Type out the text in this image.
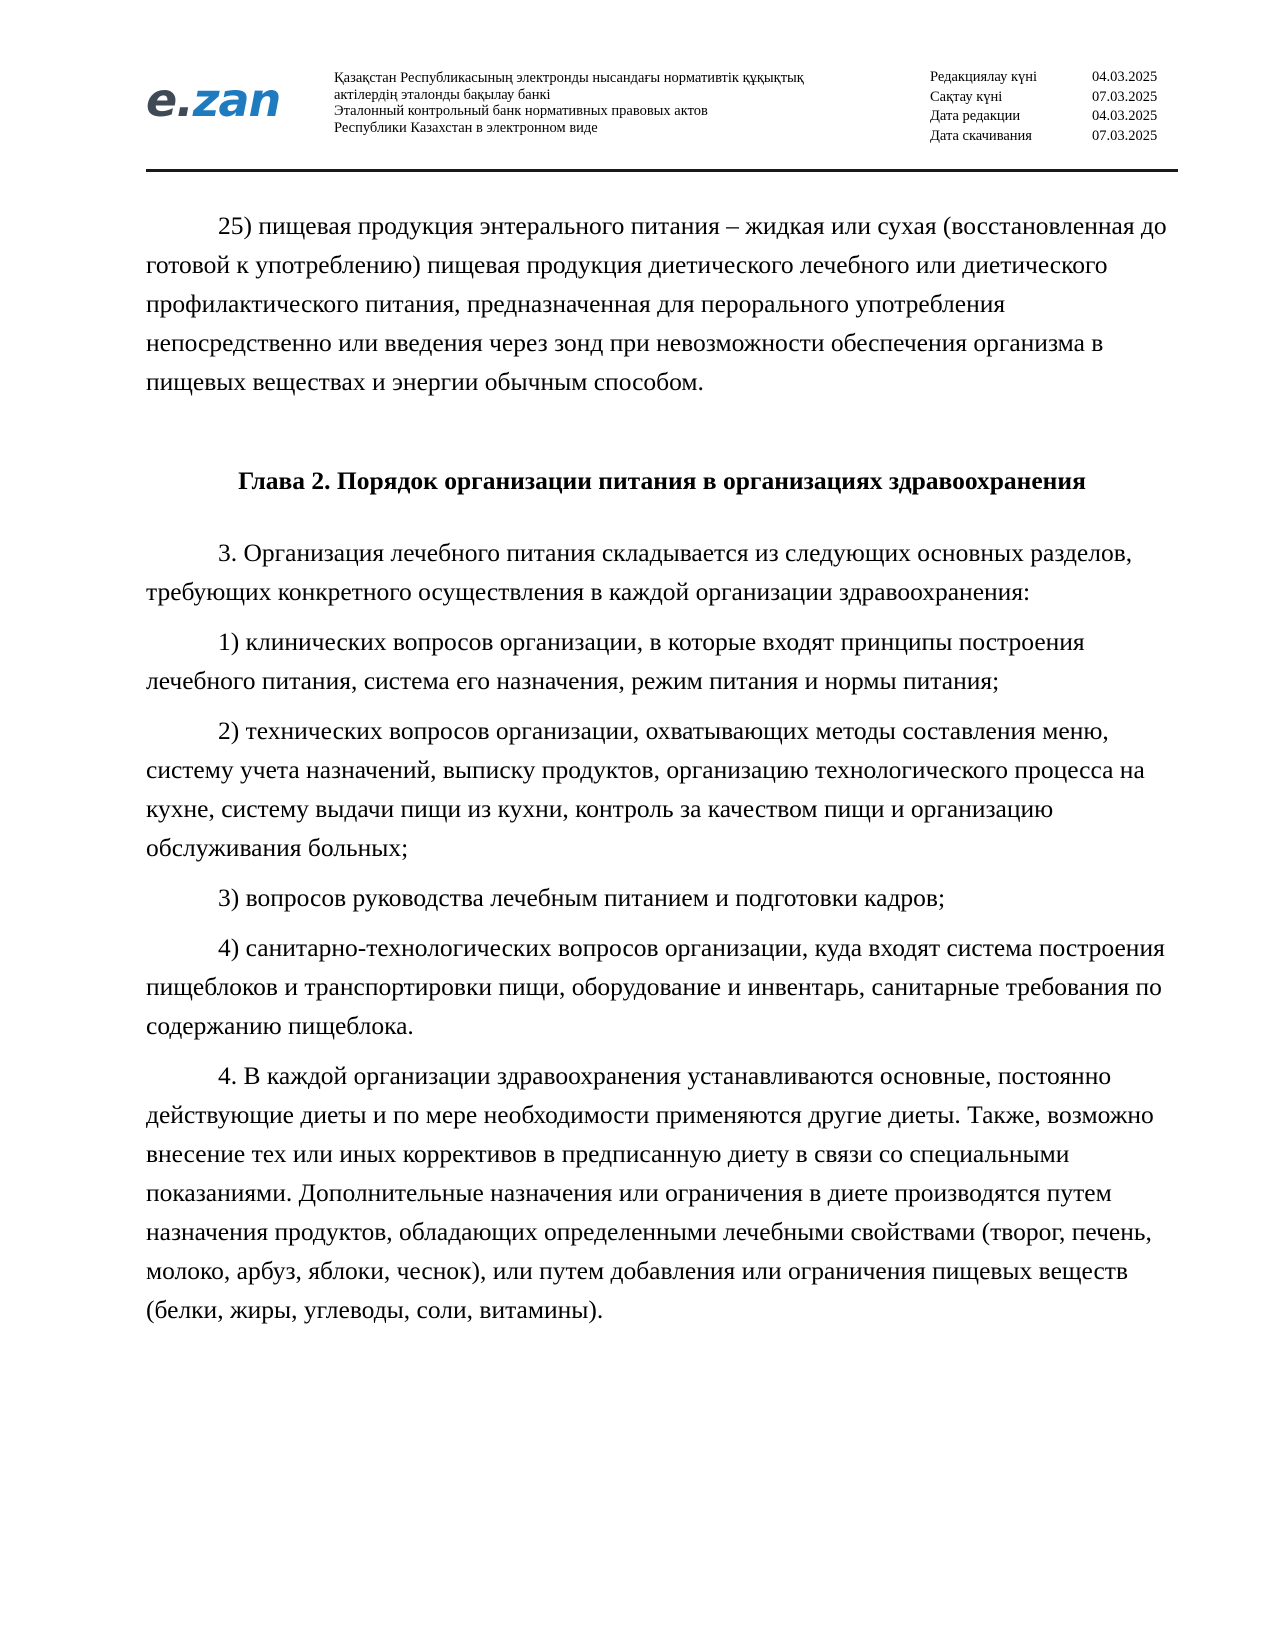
e.zan	Қазақстан Республикасының электронды нысандағы нормативтік құқықтық
актілердің эталонды бақылау банкі
Эталонный контрольный банк нормативных правовых актов
Республики Казахстан в электронном виде
Редакциялау күні	04.03.2025
Сақтау күні	07.03.2025
Дата редакции	04.03.2025
Дата скачивания	07.03.2025

25) пищевая продукция энтерального питания – жидкая или сухая (восстановленная до готовой к употреблению) пищевая продукция диетического лечебного или диетического профилактического питания, предназначенная для перорального употребления непосредственно или введения через зонд при невозможности обеспечения организма в пищевых веществах и энергии обычным способом.

Глава 2. Порядок организации питания в организациях здравоохранения

3. Организация лечебного питания складывается из следующих основных разделов, требующих конкретного осуществления в каждой организации здравоохранения:

1) клинических вопросов организации, в которые входят принципы построения лечебного питания, система его назначения, режим питания и нормы питания;

2) технических вопросов организации, охватывающих методы составления меню, систему учета назначений, выписку продуктов, организацию технологического процесса на кухне, систему выдачи пищи из кухни, контроль за качеством пищи и организацию обслуживания больных;

3) вопросов руководства лечебным питанием и подготовки кадров;

4) санитарно-технологических вопросов организации, куда входят система построения пищеблоков и транспортировки пищи, оборудование и инвентарь, санитарные требования по содержанию пищеблока.

4. В каждой организации здравоохранения устанавливаются основные, постоянно действующие диеты и по мере необходимости применяются другие диеты. Также, возможно внесение тех или иных коррективов в предписанную диету в связи со специальными показаниями. Дополнительные назначения или ограничения в диете производятся путем назначения продуктов, обладающих определенными лечебными свойствами (творог, печень, молоко, арбуз, яблоки, чеснок), или путем добавления или ограничения пищевых веществ (белки, жиры, углеводы, соли, витамины).
